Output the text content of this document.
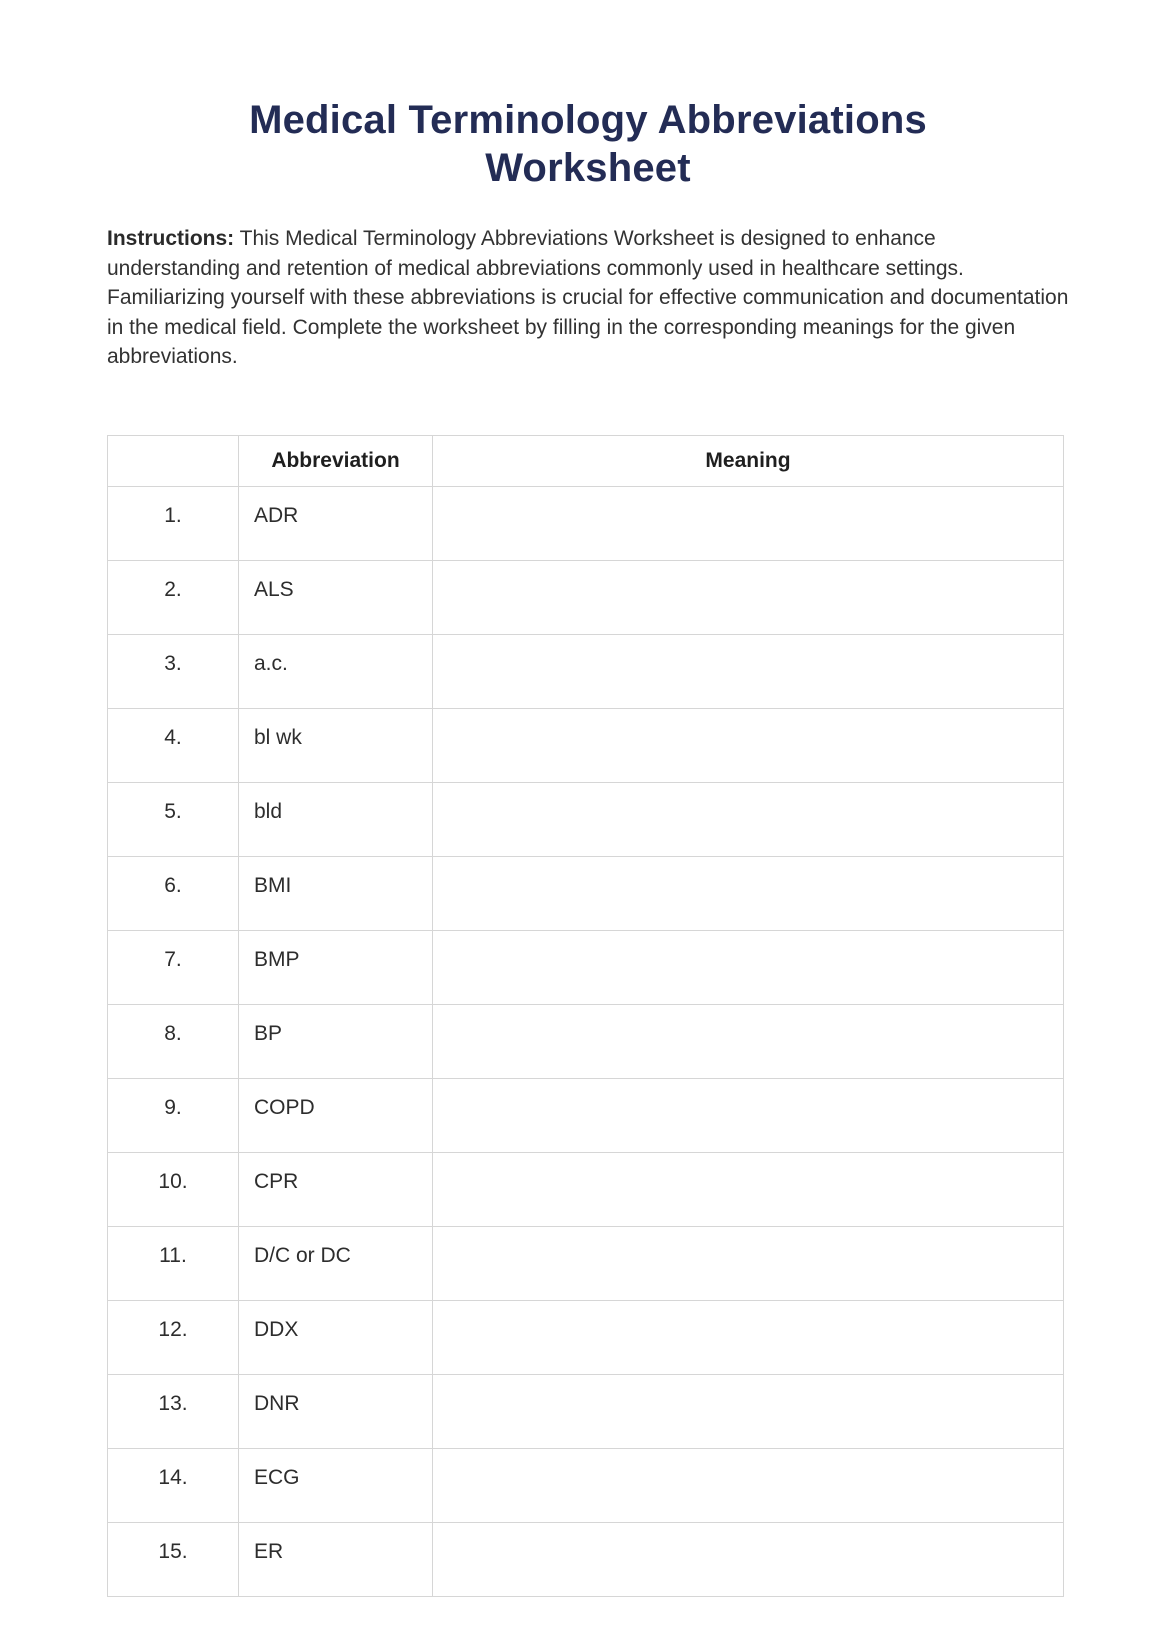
Medical Terminology Abbreviations
Worksheet

Instructions: This Medical Terminology Abbreviations Worksheet is designed to enhance understanding and retention of medical abbreviations commonly used in healthcare settings. Familiarizing yourself with these abbreviations is crucial for effective communication and documentation in the medical field. Complete the worksheet by filling in the corresponding meanings for the given abbreviations.

	Abbreviation	Meaning
1.	ADR	
2.	ALS	
3.	a.c.	
4.	bl wk	
5.	bld	
6.	BMI	
7.	BMP	
8.	BP	
9.	COPD	
10.	CPR	
11.	D/C or DC	
12.	DDX	
13.	DNR	
14.	ECG	
15.	ER	
